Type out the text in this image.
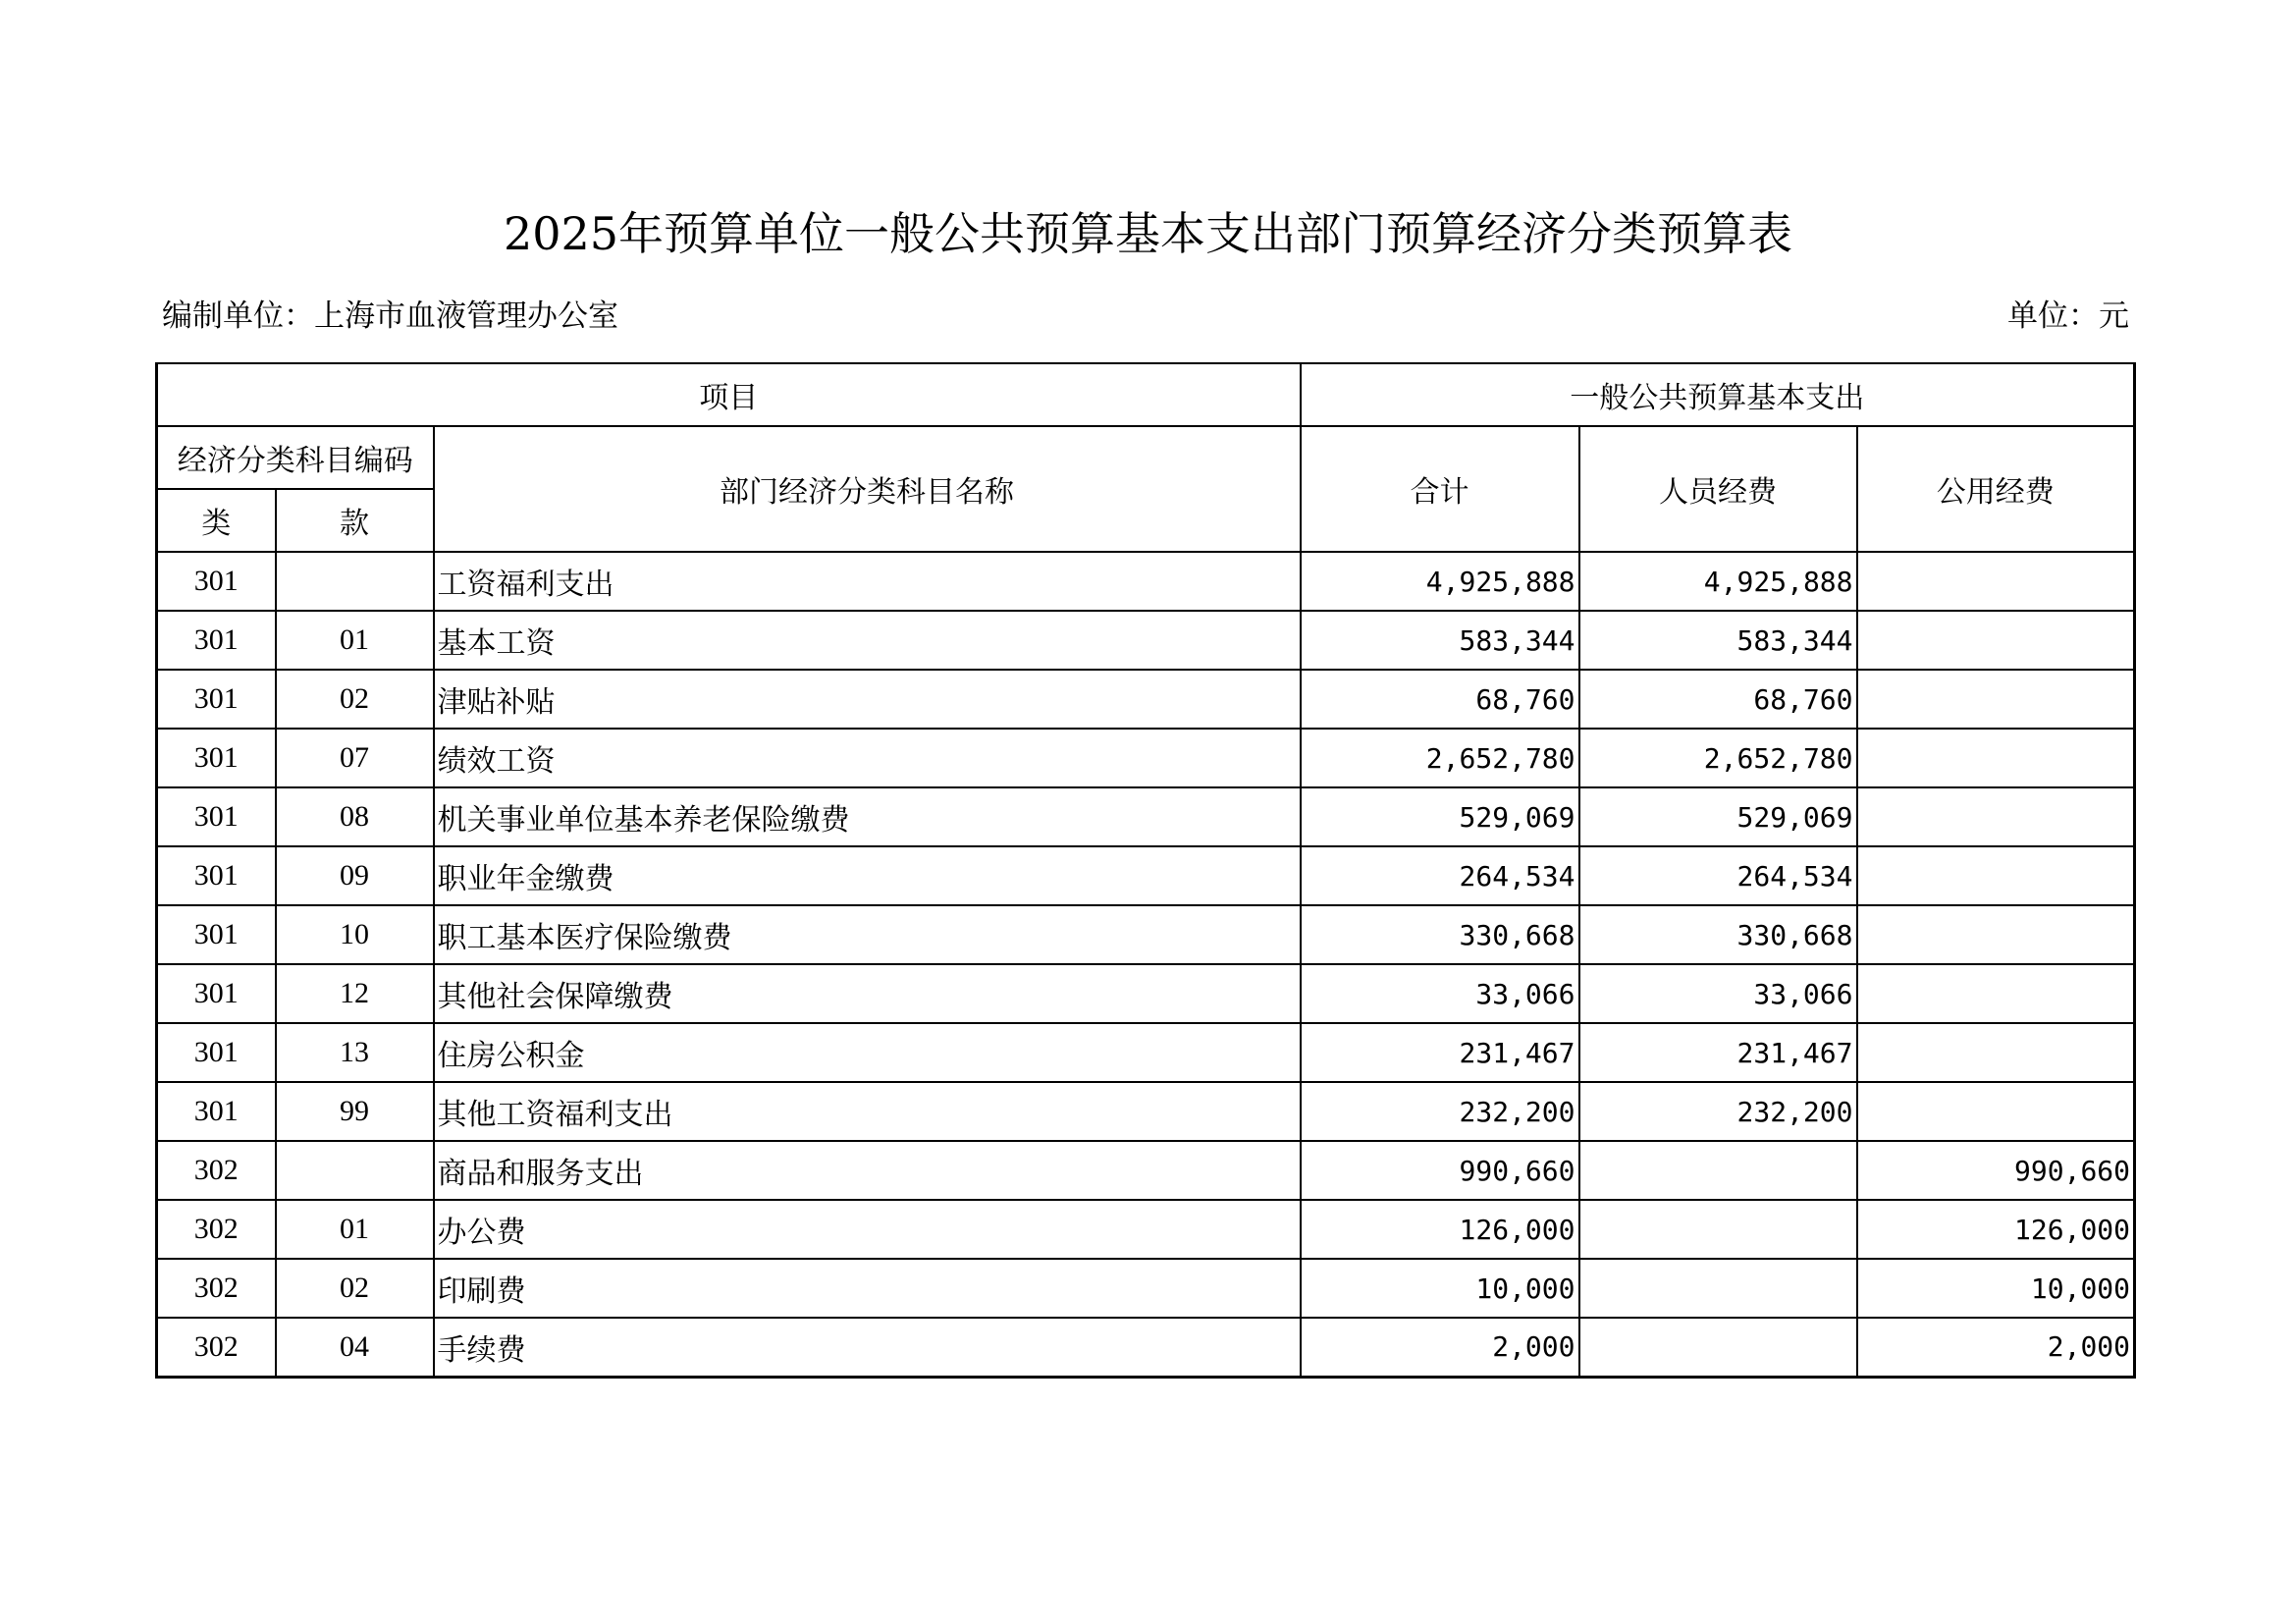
2025年预算单位一般公共预算基本支出部门预算经济分类预算表
编制单位：上海市血液管理办公室	单位：元
项目			一般公共预算基本支出		
经济分类科目编码		部门经济分类科目名称	合计	人员经费	公用经费
类	款				
301		工资福利支出	4,925,888	4,925,888	
301	01	基本工资	583,344	583,344	
301	02	津贴补贴	68,760	68,760	
301	07	绩效工资	2,652,780	2,652,780	
301	08	机关事业单位基本养老保险缴费	529,069	529,069	
301	09	职业年金缴费	264,534	264,534	
301	10	职工基本医疗保险缴费	330,668	330,668	
301	12	其他社会保障缴费	33,066	33,066	
301	13	住房公积金	231,467	231,467	
301	99	其他工资福利支出	232,200	232,200	
302		商品和服务支出	990,660		990,660
302	01	办公费	126,000		126,000
302	02	印刷费	10,000		10,000
302	04	手续费	2,000		2,000
